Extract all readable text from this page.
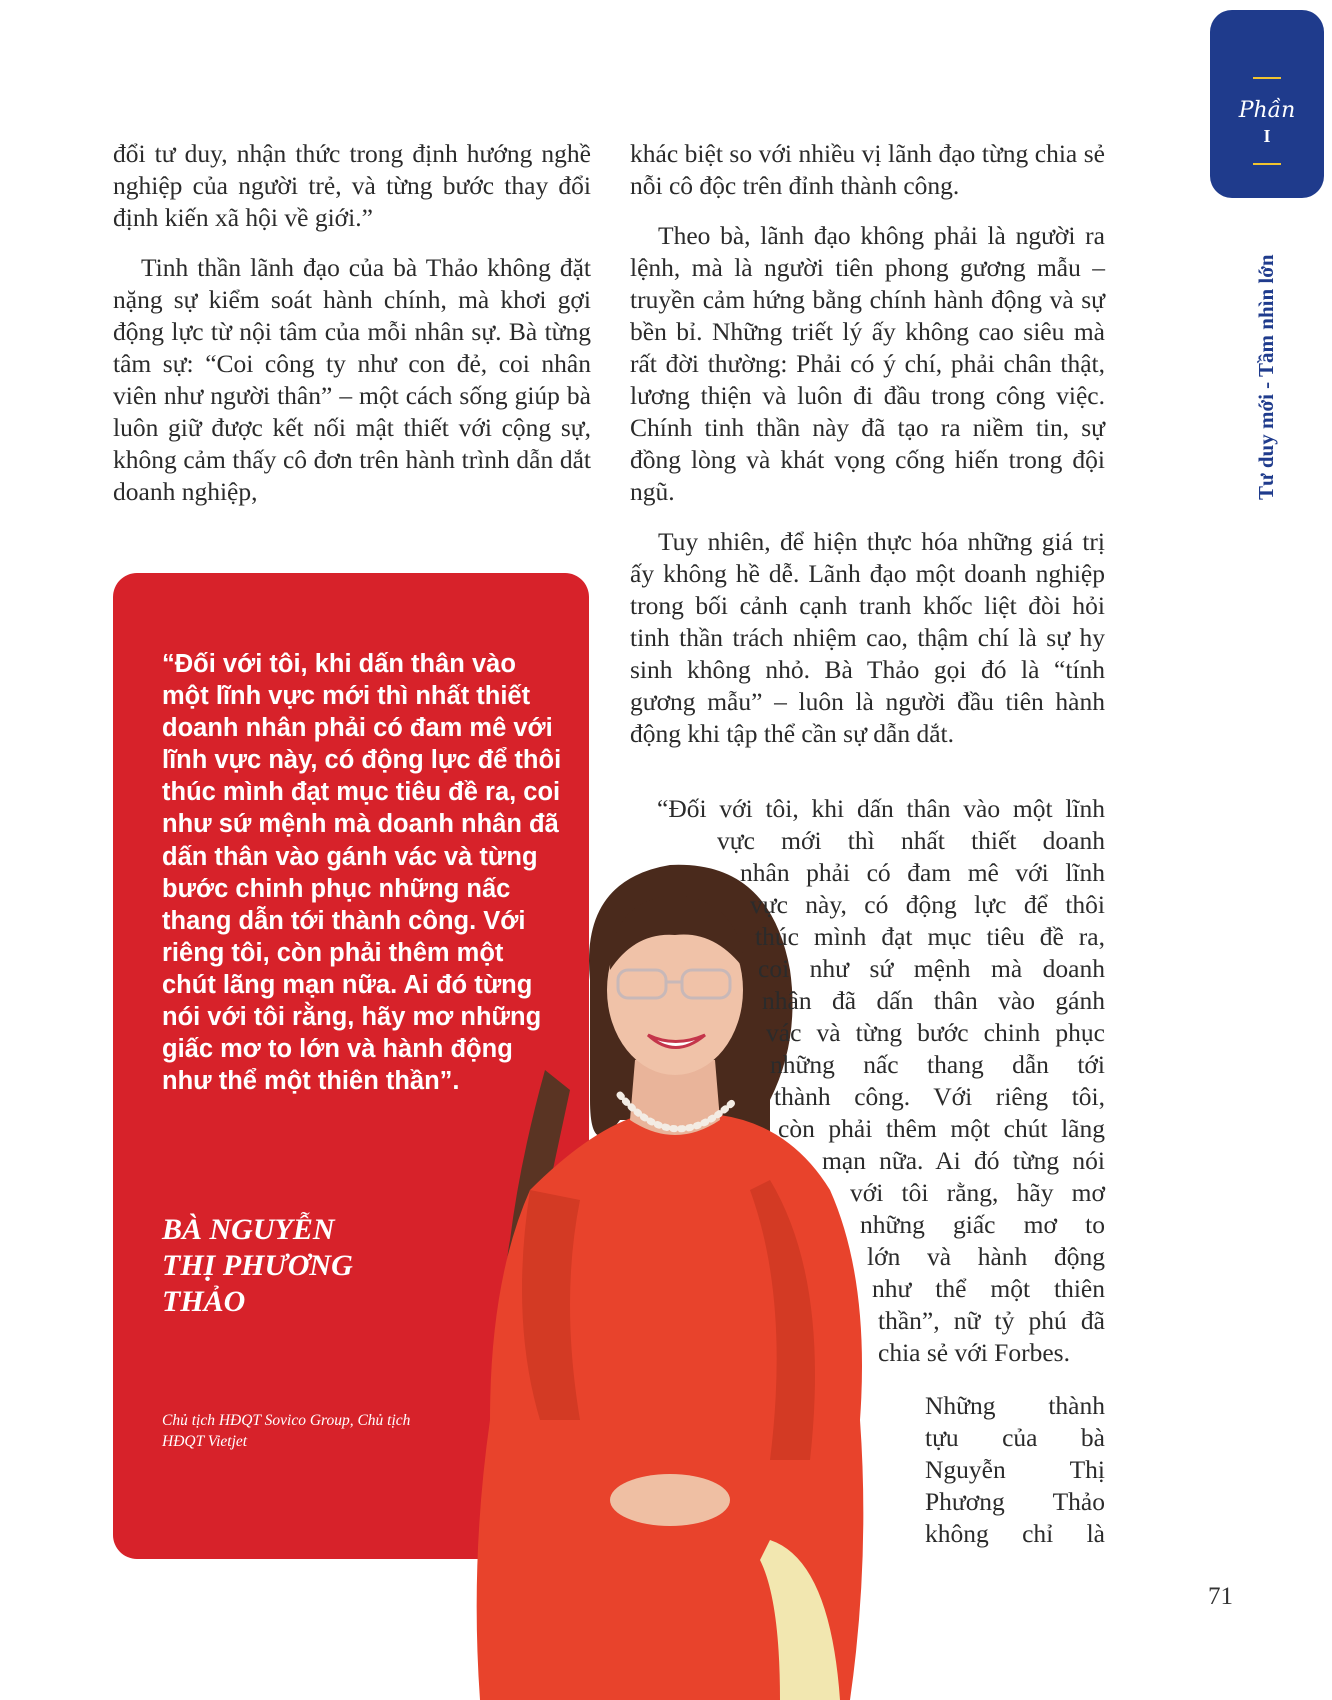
Phần
I
Tư duy mới - Tầm nhìn lớn

đổi tư duy, nhận thức trong định hướng nghề nghiệp của người trẻ, và từng bước thay đổi định kiến xã hội về giới.”

Tinh thần lãnh đạo của bà Thảo không đặt nặng sự kiểm soát hành chính, mà khơi gợi động lực từ nội tâm của mỗi nhân sự. Bà từng tâm sự: “Coi công ty như con đẻ, coi nhân viên như người thân” – một cách sống giúp bà luôn giữ được kết nối mật thiết với cộng sự, không cảm thấy cô đơn trên hành trình dẫn dắt doanh nghiệp,

“Đối với tôi, khi dấn thân vào một lĩnh vực mới thì nhất thiết doanh nhân phải có đam mê với lĩnh vực này, có động lực để thôi thúc mình đạt mục tiêu đề ra, coi như sứ mệnh mà doanh nhân đã dấn thân vào gánh vác và từng bước chinh phục những nấc thang dẫn tới thành công. Với riêng tôi, còn phải thêm một chút lãng mạn nữa. Ai đó từng nói với tôi rằng, hãy mơ những giấc mơ to lớn và hành động như thể một thiên thần”.
BÀ NGUYỄN THỊ PHƯƠNG THẢO
Chủ tịch HĐQT Sovico Group, Chủ tịch HĐQT Vietjet

khác biệt so với nhiều vị lãnh đạo từng chia sẻ nỗi cô độc trên đỉnh thành công.

Theo bà, lãnh đạo không phải là người ra lệnh, mà là người tiên phong gương mẫu – truyền cảm hứng bằng chính hành động và sự bền bỉ. Những triết lý ấy không cao siêu mà rất đời thường: Phải có ý chí, phải chân thật, lương thiện và luôn đi đầu trong công việc. Chính tinh thần này đã tạo ra niềm tin, sự đồng lòng và khát vọng cống hiến trong đội ngũ.

Tuy nhiên, để hiện thực hóa những giá trị ấy không hề dễ. Lãnh đạo một doanh nghiệp trong bối cảnh cạnh tranh khốc liệt đòi hỏi tinh thần trách nhiệm cao, thậm chí là sự hy sinh không nhỏ. Bà Thảo gọi đó là “tính gương mẫu” – luôn là người đầu tiên hành động khi tập thể cần sự dẫn dắt.

“Đối với tôi, khi dấn thân vào một lĩnh
vực mới thì nhất thiết doanh
nhân phải có đam mê với lĩnh
vực này, có động lực để thôi
thúc mình đạt mục tiêu đề ra,
coi như sứ mệnh mà doanh
nhân đã dấn thân vào gánh
vác và từng bước chinh phục
những nấc thang dẫn tới
thành công. Với riêng tôi,
còn phải thêm một chút lãng
mạn nữa. Ai đó từng nói
với tôi rằng, hãy mơ
những giấc mơ to
lớn và hành động
như thể một thiên
thần”, nữ tỷ phú đã
chia sẻ với Forbes.
Những thành
tựu của bà
Nguyễn Thị
Phương Thảo
không chỉ là
71
